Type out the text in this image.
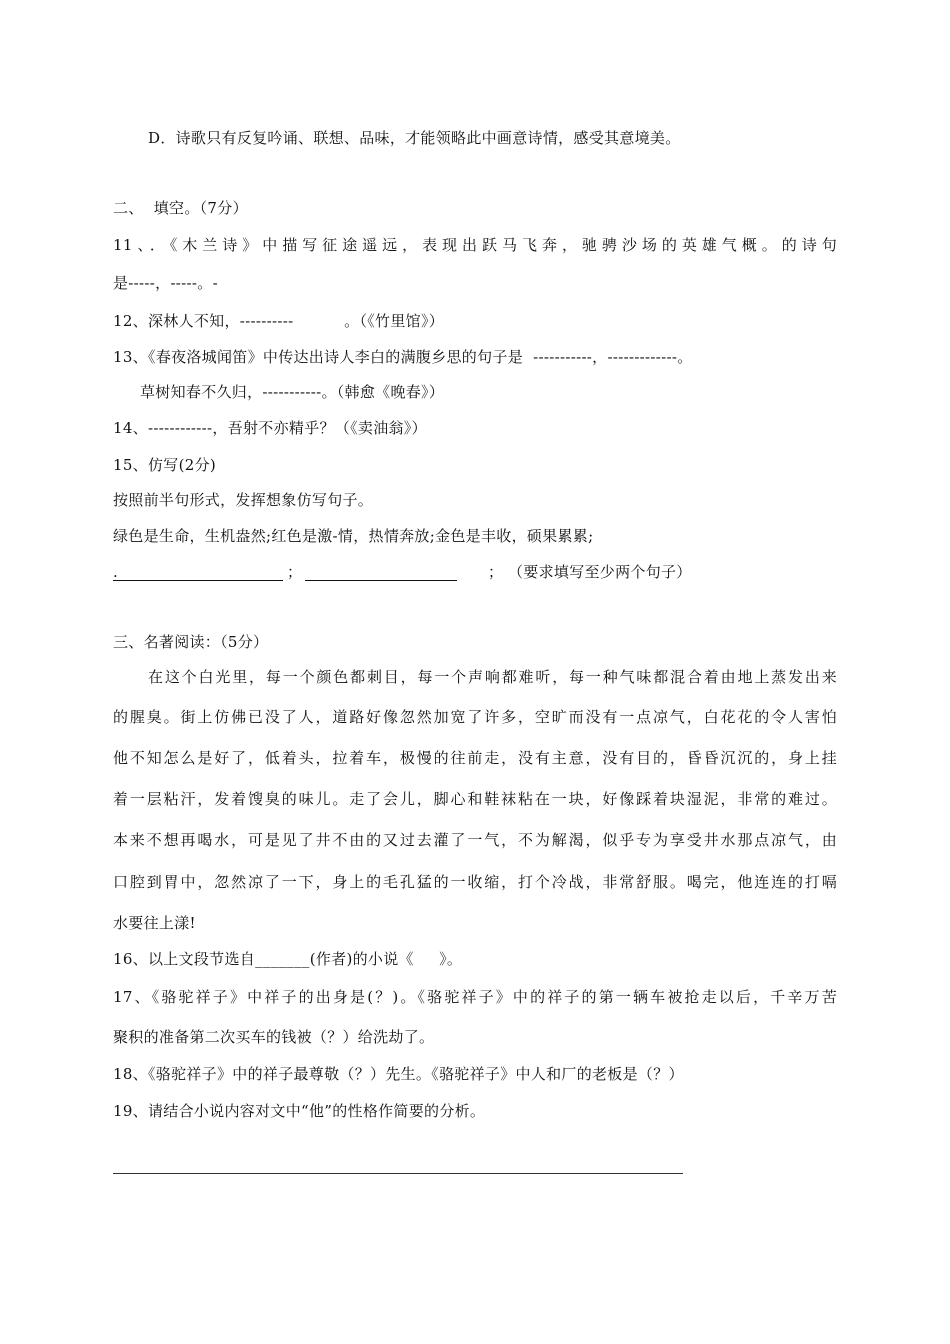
D．诗歌只有反复吟诵、联想、品味，才能领略此中画意诗情，感受其意境美。
二、  填空。（7分）
11、．《木兰诗》中描写征途遥远，表现出跃马飞奔，驰骋沙场的英雄气概。的诗句
是-----，-----。-
12、深林人不知，----------          。（《竹里馆》）
13、《春夜洛城闻笛》中传达出诗人李白的满腹乡思的句子是  -----------，-------------。
草树知春不久归，-----------。（韩愈《晚春》）
14、------------，吾射不亦精乎？（《卖油翁》）
15、仿写(2分)
按照前半句形式，发挥想象仿写句子。
绿色是生命，生机盎然;红色是激-情，热情奔放;金色是丰收，硕果累累;
.	；	； （要求填写至少两个句子）
三、名著阅读：（5分）
在这个白光里，每一个颜色都刺目，每一个声响都难听，每一种气味都混合着由地上蒸发出来
的腥臭。街上仿佛已没了人，道路好像忽然加宽了许多，空旷而没有一点凉气，白花花的令人害怕
他不知怎么是好了，低着头，拉着车，极慢的往前走，没有主意，没有目的，昏昏沉沉的，身上挂
着一层粘汗，发着馊臭的味儿。走了会儿，脚心和鞋袜粘在一块，好像踩着块湿泥，非常的难过。
本来不想再喝水，可是见了井不由的又过去灌了一气，不为解渴，似乎专为享受井水那点凉气，由
口腔到胃中，忽然凉了一下，身上的毛孔猛的一收缩，打个冷战，非常舒服。喝完，他连连的打嗝
水要往上漾!
16、以上文段节选自_______(作者)的小说《     》。
17、《骆驼祥子》中祥子的出身是(？)。《骆驼祥子》中的祥子的第一辆车被抢走以后，千辛万苦
聚积的准备第二次买车的钱被（？）给洗劫了。
18、《骆驼祥子》中的祥子最尊敬（？）先生。《骆驼祥子》中人和厂的老板是（？）
19、请结合小说内容对文中“他”的性格作简要的分析。
